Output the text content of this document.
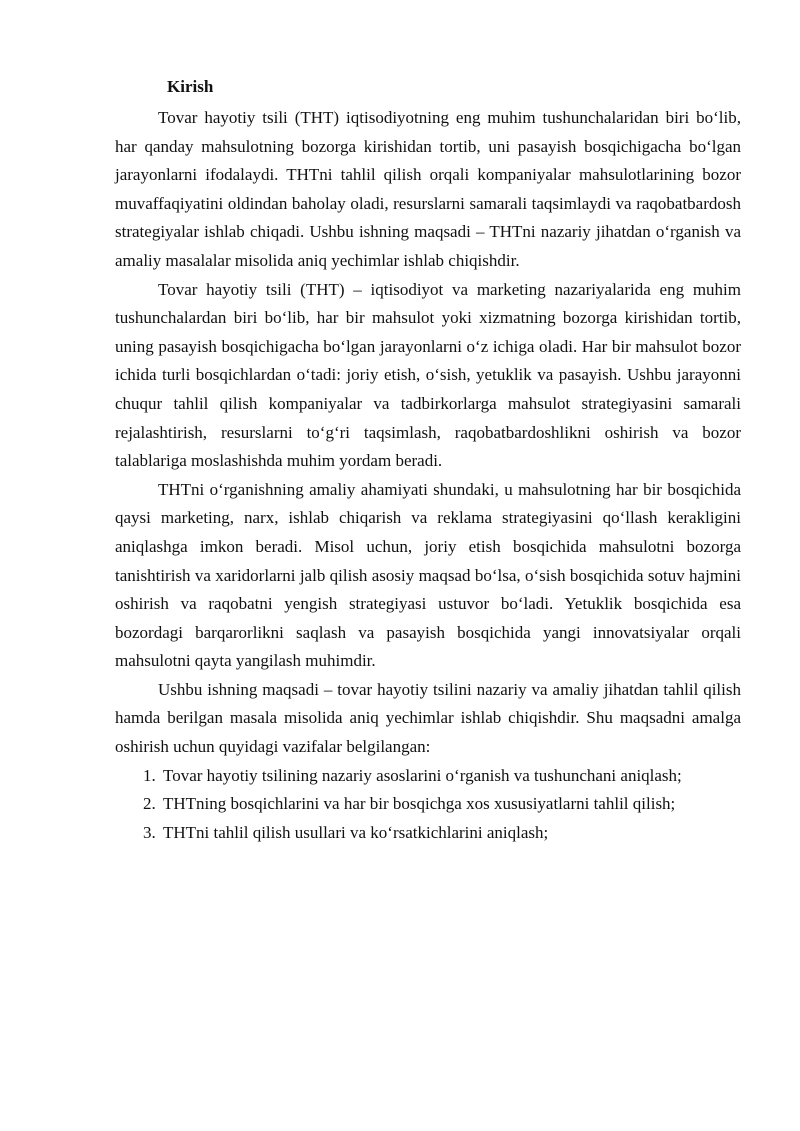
Kirish

Tovar hayotiy tsili (THT) iqtisodiyotning eng muhim tushunchalaridan biri bo‘lib, har qanday mahsulotning bozorga kirishidan tortib, uni pasayish bosqichigacha bo‘lgan jarayonlarni ifodalaydi. THTni tahlil qilish orqali kompaniyalar mahsulotlarining bozor muvaffaqiyatini oldindan baholay oladi, resurslarni samarali taqsimlaydi va raqobatbardosh strategiyalar ishlab chiqadi. Ushbu ishning maqsadi – THTni nazariy jihatdan o‘rganish va amaliy masalalar misolida aniq yechimlar ishlab chiqishdir.

Tovar hayotiy tsili (THT) – iqtisodiyot va marketing nazariyalarida eng muhim tushunchalardan biri bo‘lib, har bir mahsulot yoki xizmatning bozorga kirishidan tortib, uning pasayish bosqichigacha bo‘lgan jarayonlarni o‘z ichiga oladi. Har bir mahsulot bozor ichida turli bosqichlardan o‘tadi: joriy etish, o‘sish, yetuklik va pasayish. Ushbu jarayonni chuqur tahlil qilish kompaniyalar va tadbirkorlarga mahsulot strategiyasini samarali rejalashtirish, resurslarni to‘g‘ri taqsimlash, raqobatbardoshlikni oshirish va bozor talablariga moslashishda muhim yordam beradi.

THTni o‘rganishning amaliy ahamiyati shundaki, u mahsulotning har bir bosqichida qaysi marketing, narx, ishlab chiqarish va reklama strategiyasini qo‘llash kerakligini aniqlashga imkon beradi. Misol uchun, joriy etish bosqichida mahsulotni bozorga tanishtirish va xaridorlarni jalb qilish asosiy maqsad bo‘lsa, o‘sish bosqichida sotuv hajmini oshirish va raqobatni yengish strategiyasi ustuvor bo‘ladi. Yetuklik bosqichida esa bozordagi barqarorlikni saqlash va pasayish bosqichida yangi innovatsiyalar orqali mahsulotni qayta yangilash muhimdir.

Ushbu ishning maqsadi – tovar hayotiy tsilini nazariy va amaliy jihatdan tahlil qilish hamda berilgan masala misolida aniq yechimlar ishlab chiqishdir. Shu maqsadni amalga oshirish uchun quyidagi vazifalar belgilangan:

1. Tovar hayotiy tsilining nazariy asoslarini o‘rganish va tushunchani aniqlash;
2. THTning bosqichlarini va har bir bosqichga xos xususiyatlarni tahlil qilish;
3. THTni tahlil qilish usullari va ko‘rsatkichlarini aniqlash;
